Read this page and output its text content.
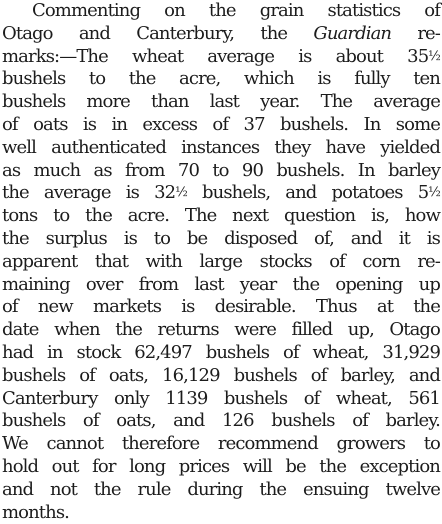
Commenting on the grain statistics of
Otago and Canterbury, the Guardian re-
marks:—The wheat average is about 35½
bushels to the acre, which is fully ten
bushels more than last year. The average
of oats is in excess of 37 bushels. In some
well authenticated instances they have yielded
as much as from 70 to 90 bushels. In barley
the average is 32½ bushels, and potatoes 5½
tons to the acre. The next question is, how
the surplus is to be disposed of, and it is
apparent that with large stocks of corn re-
maining over from last year the opening up
of new markets is desirable. Thus at the
date when the returns were filled up, Otago
had in stock 62,497 bushels of wheat, 31,929
bushels of oats, 16,129 bushels of barley, and
Canterbury only 1139 bushels of wheat, 561
bushels of oats, and 126 bushels of barley.
We cannot therefore recommend growers to
hold out for long prices will be the exception
and not the rule during the ensuing twelve
months.
